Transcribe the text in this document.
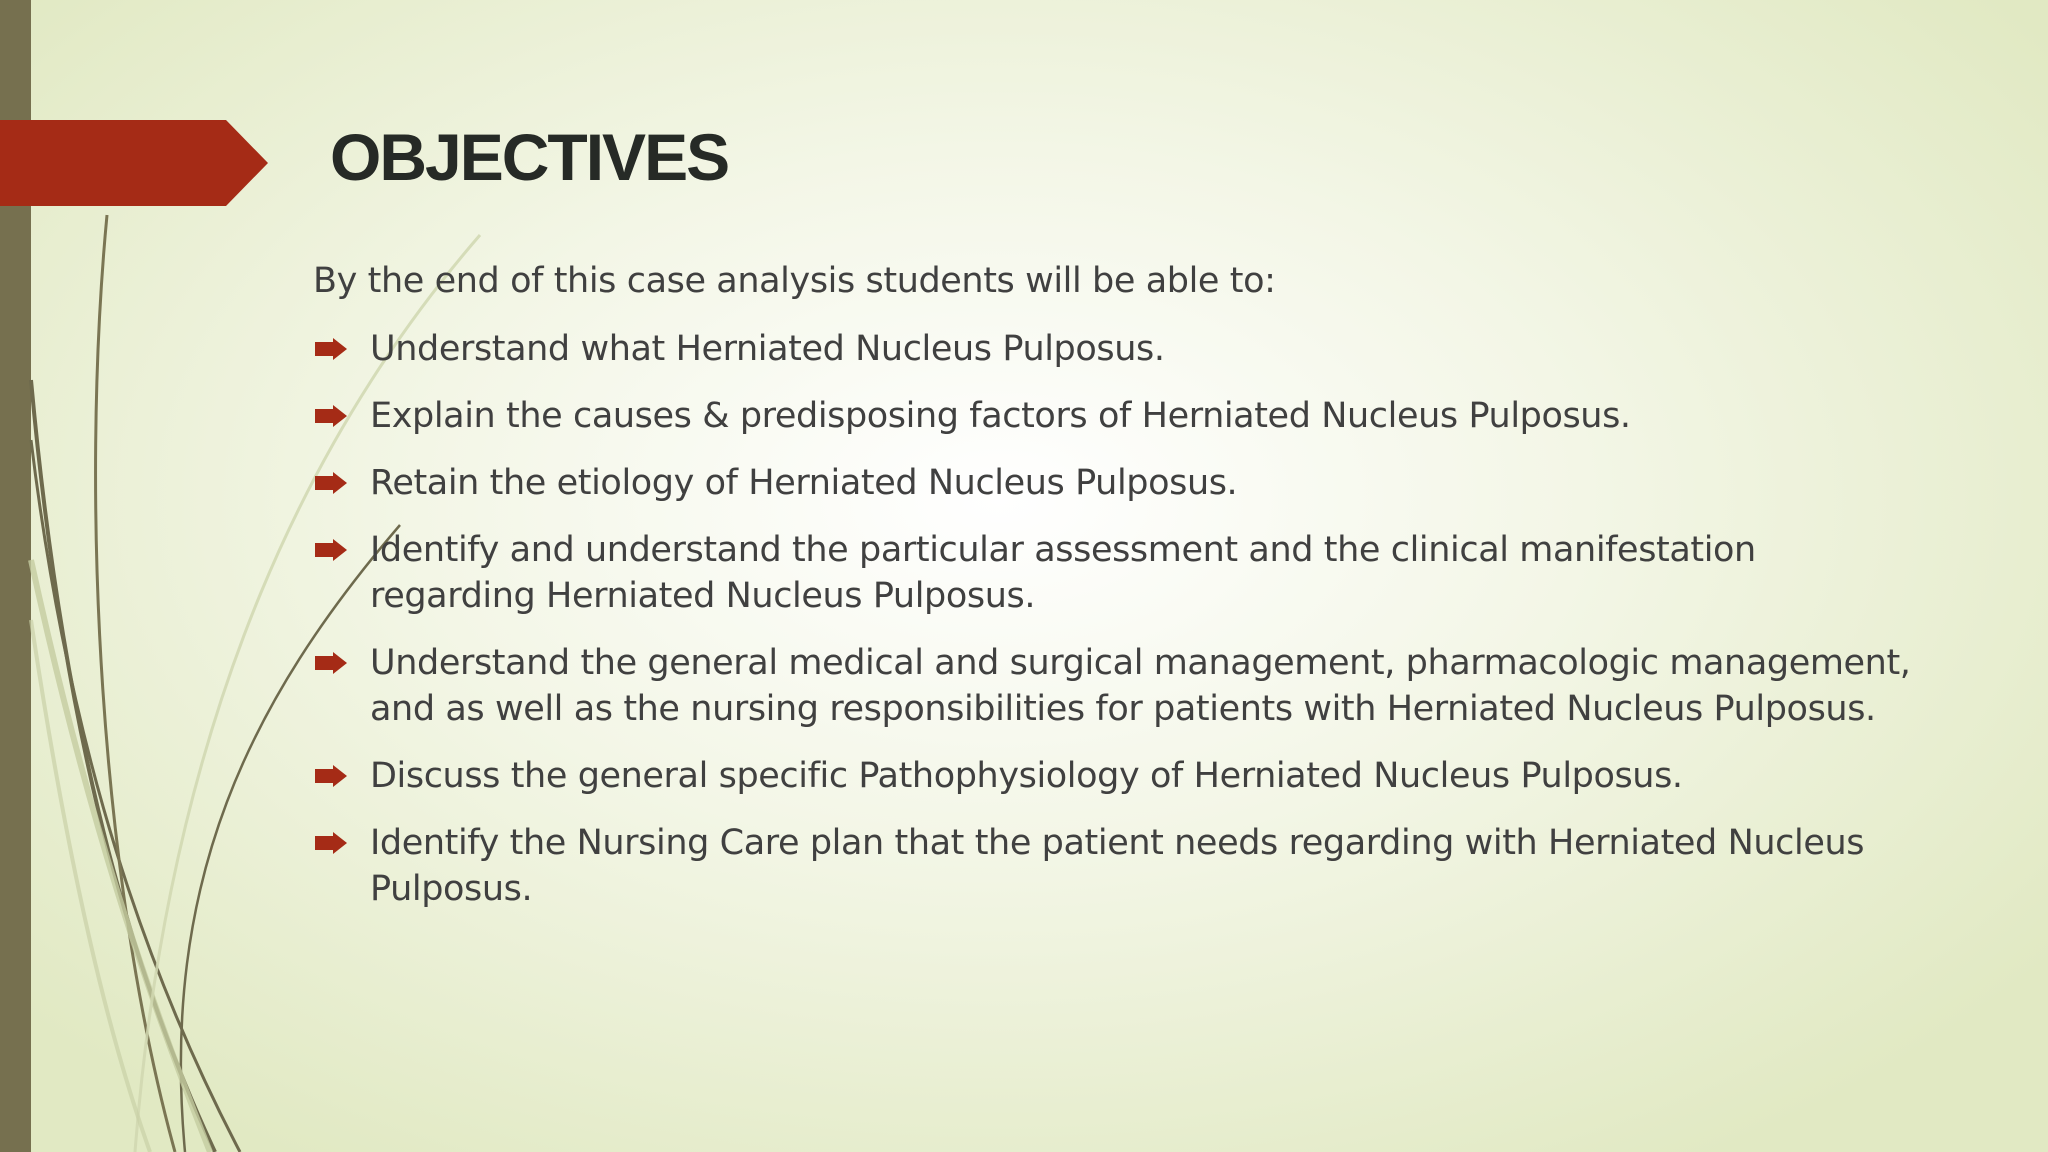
OBJECTIVES
By the end of this case analysis students will be able to:
Understand what Herniated Nucleus Pulposus.
Explain the causes & predisposing factors of Herniated Nucleus Pulposus.
Retain the etiology of Herniated Nucleus Pulposus.
Identify and understand the particular assessment and the clinical manifestation regarding Herniated Nucleus Pulposus.
Understand the general medical and surgical management, pharmacologic management, and as well as the nursing responsibilities for patients with Herniated Nucleus Pulposus.
Discuss the general specific Pathophysiology of Herniated Nucleus Pulposus.
Identify the Nursing Care plan that the patient needs regarding with Herniated Nucleus Pulposus.
